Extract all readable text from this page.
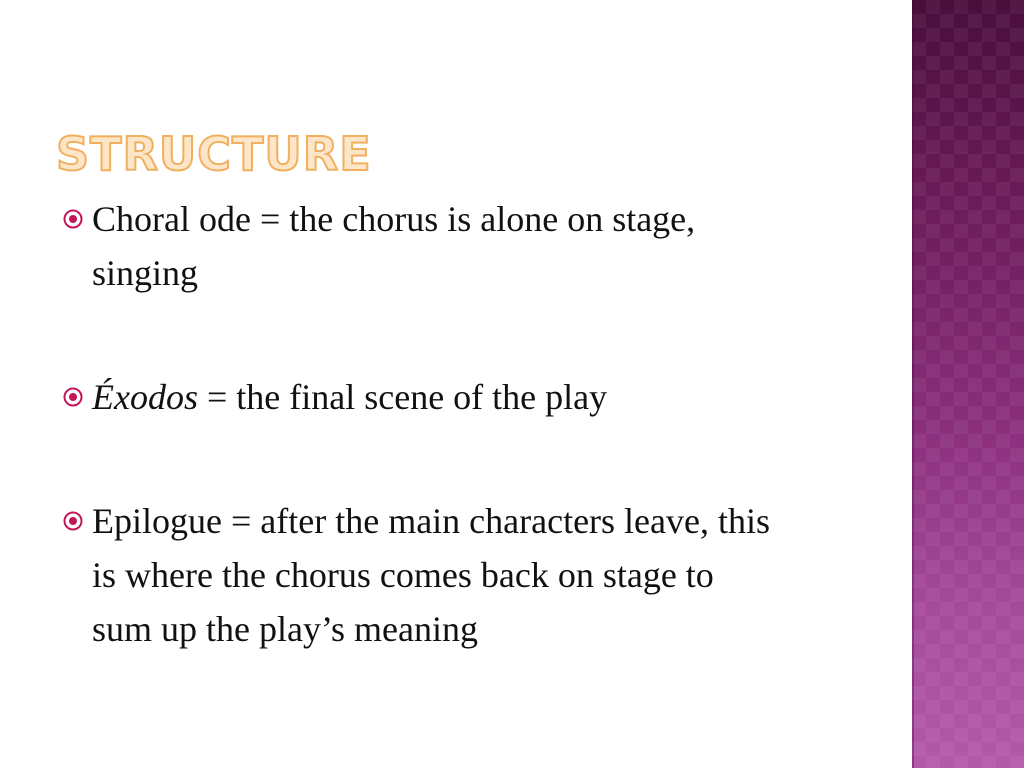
STRUCTURE
Choral ode = the chorus is alone on stage, singing
Éxodos = the final scene of the play
Epilogue = after the main characters leave, this is where the chorus comes back on stage to sum up the play’s meaning
